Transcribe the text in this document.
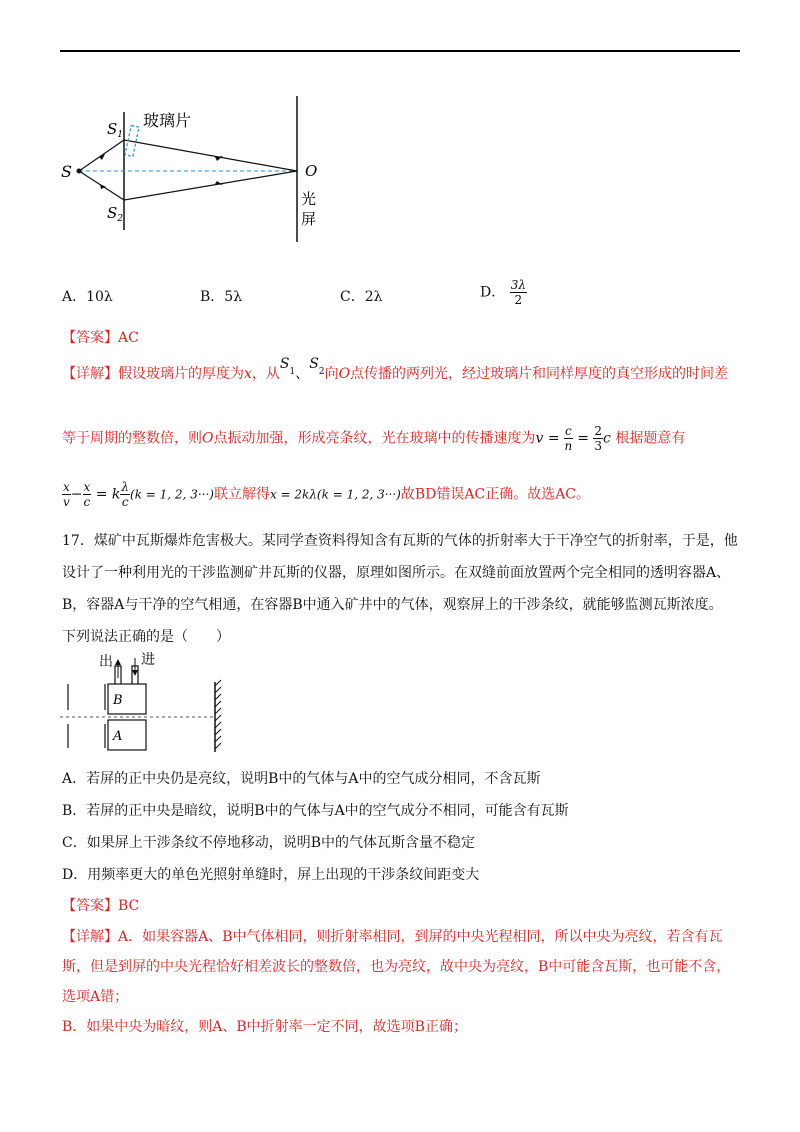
$S_1$
$S_2$
S	O
玻璃片
光
屏
A．10λ	B．5λ	C．2λ	D． $\frac{3\lambda}{2}$
【答案】AC
【详解】假设玻璃片的厚度为x，从$S_1$、$S_2$向O点传播的两列光，经过玻璃片和同样厚度的真空形成的时间差
等于周期的整数倍，则O点振动加强，形成亮条纹，光在玻璃中的传播速度为$v = \frac{c}{n} = \frac{2}{3}$ c 根据题意有
$\frac{x}{v} - \frac{x}{c} = k \frac{\lambda}{c} (k = 1$, 2, 3···)联立解得x = 2kλ(k = 1, 2, 3···)故BD错误AC正确。故选AC。
17．煤矿中瓦斯爆炸危害极大。某同学查资料得知含有瓦斯的气体的折射率大于干净空气的折射率，于是，他
设计了一种利用光的干涉监测矿井瓦斯的仪器，原理如图所示。在双缝前面放置两个完全相同的透明容器A、
B，容器A与干净的空气相通，在容器B中通入矿井中的气体，观察屏上的干涉条纹，就能够监测瓦斯浓度。
下列说法正确的是（　　）
出 进
B
A
A．若屏的正中央仍是亮纹，说明B中的气体与A中的空气成分相同，不含瓦斯
B．若屏的正中央是暗纹，说明B中的气体与A中的空气成分不相同，可能含有瓦斯
C．如果屏上干涉条纹不停地移动，说明B中的气体瓦斯含量不稳定
D．用频率更大的单色光照射单缝时，屏上出现的干涉条纹间距变大
【答案】BC
【详解】A．如果容器A、B中气体相同，则折射率相同，到屏的中央光程相同，所以中央为亮纹，若含有瓦
斯，但是到屏的中央光程恰好相差波长的整数倍，也为亮纹，故中央为亮纹，B中可能含瓦斯，也可能不含，
选项A错；
B．如果中央为暗纹，则A、B中折射率一定不同，故选项B正确；
